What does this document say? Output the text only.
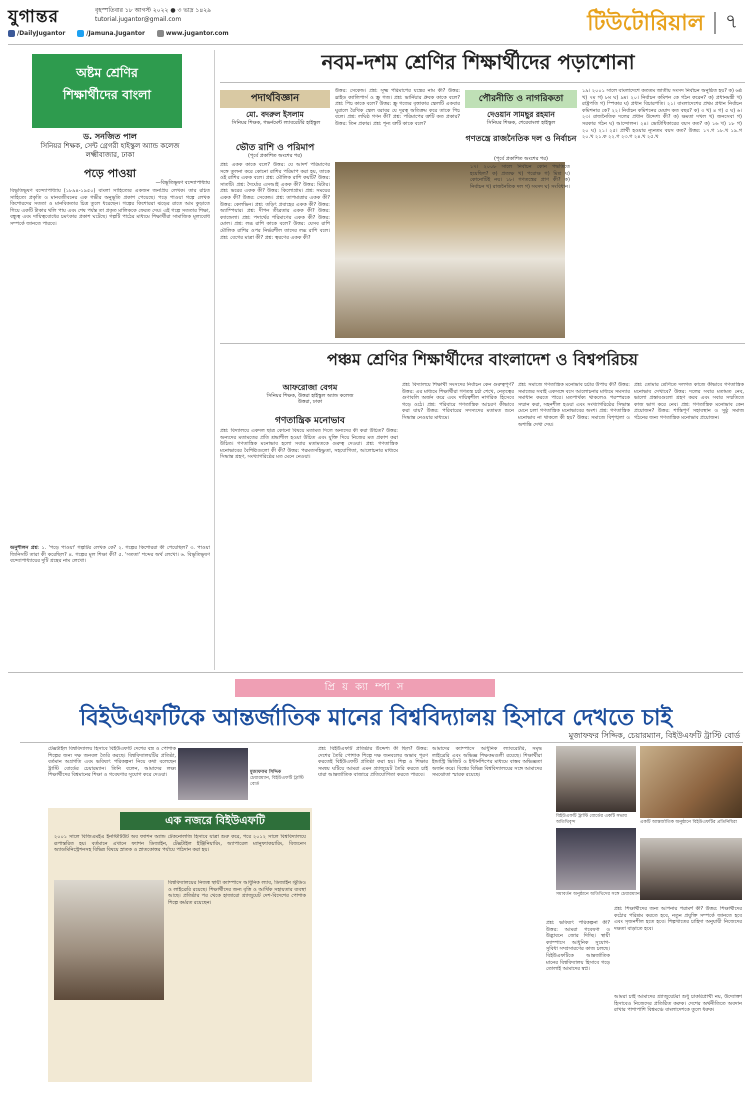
যুগান্তর	বৃহস্পতিবার ১৮ আগস্ট ২০২২ ● ৩ ভাদ্র ১৪২৯
tutorial.jugantor@gmail.com
/DailyJugantor	/Jamuna.Jugantor	www.jugantor.com	টিউটোরিয়াল ৭
অষ্টম শ্রেণির
শিক্ষার্থীদের বাংলা
ড. সনজিত পাল
সিনিয়র শিক্ষক, সেন্ট গ্রেগরী হাইস্কুল অ্যান্ড কলেজ
লক্ষ্মীবাজার, ঢাকা
পড়ে পাওয়া
—বিভূতিভূষণ বন্দ্যোপাধ্যায়
বিভূতিভূষণ বন্দ্যোপাধ্যায় (১৮৯৪-১৯৫০) বাংলা সাহিত্যের একজন জনপ্রিয় লেখক। তার রচিত সাহিত্যে প্রকৃতি ও মানবজীবনের এক গভীর অনুভূতি প্রকাশ পেয়েছে। পড়ে পাওয়া গল্পে লেখক কিশোরদের সততা ও মানবিকতার চিত্র তুলে ধরেছেন। গল্পের কিশোররা ঝড়ের রাতে আম কুড়াতে গিয়ে একটি টাকার থলি পায় এবং শেষ পর্যন্ত তা প্রকৃত মালিককে ফেরত দেয়। এই গল্পে সততার শিক্ষা, বন্ধুত্ব এবং দায়িত্ববোধের চমৎকার প্রকাশ ঘটেছে। গল্পটি পাঠের মাধ্যমে শিক্ষার্থীরা সামাজিক মূল্যবোধ সম্পর্কে জানতে পারবে।
অনুশীলন প্রশ্ন: ১. 'পড়ে পাওয়া' গল্পটির লেখক কে? ২. গল্পের কিশোররা কী পেয়েছিল? ৩. পাওয়া জিনিসটি তারা কী করেছিল? ৪. গল্পের মূল শিক্ষা কী? ৫. 'সততা' শব্দের অর্থ লেখো। ৬. বিভূতিভূষণ বন্দ্যোপাধ্যায়ের দুটি গ্রন্থের নাম লেখো।
নবম-দশম শ্রেণির শিক্ষার্থীদের পড়াশোনা
পদার্থবিজ্ঞান
মো. বদরুল ইসলাম
সিনিয়র শিক্ষক, গভর্নমেন্ট ল্যাবরেটরি হাইস্কুল
ভৌত রাশি ও পরিমাপ
(পূর্বে প্রকাশিত অংশের পর)
প্রশ্ন: একক কাকে বলে? উত্তর: যে আদর্শ পরিমাণের সঙ্গে তুলনা করে কোনো রাশির পরিমাপ করা হয়, তাকে ওই রাশির একক বলে। প্রশ্ন: মৌলিক রাশি কয়টি? উত্তর: সাতটি। প্রশ্ন: দৈর্ঘ্যের এসআই একক কী? উত্তর: মিটার। প্রশ্ন: ভরের একক কী? উত্তর: কিলোগ্রাম। প্রশ্ন: সময়ের একক কী? উত্তর: সেকেন্ড। প্রশ্ন: তাপমাত্রার একক কী? উত্তর: কেলভিন। প্রশ্ন: তড়িৎ প্রবাহের একক কী? উত্তর: অ্যাম্পিয়ার। প্রশ্ন: দীপন তীব্রতার একক কী? উত্তর: ক্যান্ডেলা। প্রশ্ন: পদার্থের পরিমাণের একক কী? উত্তর: মোল। প্রশ্ন: লব্ধ রাশি কাকে বলে? উত্তর: যেসব রাশি মৌলিক রাশির ওপর নির্ভরশীল তাদের লব্ধ রাশি বলে। প্রশ্ন: বেগের মাত্রা কী? প্রশ্ন: ত্বরণের একক কী?
উত্তর: সেকেন্ড। প্রশ্ন: সূক্ষ্ম পরিমাপের যন্ত্রের নাম কী? উত্তর: স্লাইড ক্যালিপার্স ও স্ক্রু গজ। প্রশ্ন: ভার্নিয়ার ধ্রুবক কাকে বলে? প্রশ্ন: পিচ কাকে বলে? উত্তর: স্ক্রু গজের বৃত্তাকার স্কেলটি একবার ঘুরালে রৈখিক স্কেল বরাবর যে দূরত্ব অতিক্রম করে তাকে পিচ বলে। প্রশ্ন: লঘিষ্ঠ গণন কী? প্রশ্ন: পরিমাপের ত্রুটি কত প্রকার? উত্তর: তিন প্রকার। প্রশ্ন: শূন্য ত্রুটি কাকে বলে?
পৌরনীতি ও নাগরিকতা
দেওয়ান সামছুর রহমান
সিনিয়র শিক্ষক, শেরেবাংলা হাইস্কুল
গণতন্ত্রে রাজনৈতিক দল ও নির্বাচন
(পূর্বে প্রকাশিত অংশের পর)
১৭। ২০০৮ সালে নির্বাচন কোন পদ্ধতিতে হয়েছিল? ক) প্রত্যক্ষ খ) পরোক্ষ গ) মিশ্র ঘ) কোনোটিই নয়। ১৮। গণতন্ত্রের প্রাণ কী? ক) নির্বাচন খ) রাজনৈতিক দল গ) সংসদ ঘ) সংবিধান।
১৯। ২০০১ সালে বাংলাদেশে কততম জাতীয় সংসদ নির্বাচন অনুষ্ঠিত হয়? ক) ৬ষ্ঠ খ) ৭ম গ) ৮ম ঘ) ৯ম। ২০। নির্বাচন কমিশন কে গঠন করেন? ক) প্রধানমন্ত্রী খ) রাষ্ট্রপতি গ) স্পিকার ঘ) প্রধান বিচারপতি। ২১। বাংলাদেশের প্রথম প্রধান নির্বাচন কমিশনার কে? ২২। নির্বাচন কমিশনের মেয়াদ কত বছর? ক) ৩ খ) ৪ গ) ৫ ঘ) ৬। ২৩। রাজনৈতিক দলের প্রধান উদ্দেশ্য কী? ক) ক্ষমতা দখল খ) জনসেবা গ) সরকার গঠন ঘ) আন্দোলন। ২৪। ভোটাধিকারের বয়স কত? ক) ১৬ খ) ১৮ গ) ২০ ঘ) ২১। ২৫। প্রার্থী হওয়ার ন্যূনতম বয়স কত? উত্তর: ১৭.গ ১৮.খ ১৯.গ ২০.খ ২১.ক ২২.গ ২৩.গ ২৪.খ ২৫.খ
পঞ্চম শ্রেণির শিক্ষার্থীদের বাংলাদেশ ও বিশ্বপরিচয়
আফরোজা বেগম
সিনিয়র শিক্ষক, উত্তরা হাইস্কুল অ্যান্ড কলেজ
উত্তরা, ঢাকা
গণতান্ত্রিক মনোভাব
প্রশ্ন: বিদ্যালয়ে একদল ছাত্র কোনো বিষয়ে মতামত দিলে অন্যদের কী করা উচিত? উত্তর: অন্যদের মতামতের প্রতি শ্রদ্ধাশীল হওয়া উচিত এবং যুক্তি দিয়ে নিজের মত প্রকাশ করা উচিত। গণতান্ত্রিক মনোভাব হলো সবার মতামতকে গুরুত্ব দেওয়া। প্রশ্ন: গণতান্ত্রিক মনোভাবের বৈশিষ্ট্যগুলো কী কী? উত্তর: পরমতসহিষ্ণুতা, সহযোগিতা, আলোচনার মাধ্যমে সিদ্ধান্ত গ্রহণ, সংখ্যাগরিষ্ঠের মত মেনে নেওয়া।
প্রশ্ন: বিদ্যালয়ে শিক্ষার্থী সংসদের নির্বাচন কেন গুরুত্বপূর্ণ? উত্তর: এর মাধ্যমে শিক্ষার্থীরা গণতন্ত্র চর্চা শেখে, নেতৃত্বের গুণাবলি অর্জন করে এবং দায়িত্বশীল নাগরিক হিসেবে গড়ে ওঠে। প্রশ্ন: পরিবারে গণতান্ত্রিক আচরণ কীভাবে করা যায়? উত্তর: পরিবারের সদস্যদের মতামত শুনে সিদ্ধান্ত নেওয়ার মাধ্যমে।
প্রশ্ন: সমাজে গণতান্ত্রিক মনোভাব চর্চার উপায় কী? উত্তর: সমাজের সবাই একসঙ্গে বসে আলোচনার মাধ্যমে সমস্যার সমাধান করতে পারে। মতপার্থক্য থাকলেও পরস্পরকে সম্মান করা, সহনশীল হওয়া এবং সংখ্যাগরিষ্ঠের সিদ্ধান্ত মেনে চলা গণতান্ত্রিক মনোভাবের অংশ। প্রশ্ন: গণতান্ত্রিক মনোভাব না থাকলে কী হয়? উত্তর: সমাজে বিশৃঙ্খলা ও অশান্তি দেখা দেয়।
প্রশ্ন: তোমার শ্রেণিতে দলগত কাজে কীভাবে গণতান্ত্রিক মনোভাব দেখাবে? উত্তর: দলের সবার মতামত নেব, ভালো প্রস্তাবগুলো গ্রহণ করব এবং সবার সম্মতিতে কাজ ভাগ করে নেব। প্রশ্ন: গণতান্ত্রিক মনোভাব কেন প্রয়োজন? উত্তর: শান্তিপূর্ণ সহাবস্থান ও সুষ্ঠু সমাজ গঠনের জন্য গণতান্ত্রিক মনোভাব প্রয়োজন।
প্রি য় ক্যা ম্পা স
বিইউএফটিকে আন্তর্জাতিক মানের বিশ্ববিদ্যালয় হিসাবে দেখতে চাই
মুজাফফর সিদ্দিক, চেয়ারম্যান, বিইউএফটি ট্রাস্টি বোর্ড
টেক্সটাইল বিশ্ববিদ্যালয় হিসাবে বিইউএফটি দেশের বস্ত্র ও পোশাক শিল্পের জন্য দক্ষ জনবল তৈরি করছে। বিশ্ববিদ্যালয়টির প্রতিষ্ঠা, বর্তমান অগ্রগতি এবং ভবিষ্যৎ পরিকল্পনা নিয়ে কথা বলেছেন ট্রাস্টি বোর্ডের চেয়ারম্যান। তিনি বলেন, আমাদের লক্ষ্য শিক্ষার্থীদের বিশ্বমানের শিক্ষা ও গবেষণার সুযোগ করে দেওয়া।	মুজাফফর সিদ্দিক
চেয়ারম্যান, বিইউএফটি ট্রাস্টি বোর্ড
এক নজরে বিইউএফটি
২০০১ সালে বিজিএমইএ ইনস্টিটিউট অব ফ্যাশন অ্যান্ড টেকনোলজি হিসাবে যাত্রা শুরু করে, পরে ২০১২ সালে বিশ্ববিদ্যালয়ে রূপান্তরিত হয়। বর্তমানে এখানে ফ্যাশন ডিজাইন, টেক্সটাইল ইঞ্জিনিয়ারিং, অ্যাপারেল ম্যানুফ্যাকচারিং, বিজনেস অ্যাডমিনিস্ট্রেশনসহ বিভিন্ন বিষয়ে স্নাতক ও স্নাতকোত্তর পর্যায়ে পাঠদান করা হয়।
বিশ্ববিদ্যালয়ের নিজস্ব স্থায়ী ক্যাম্পাসে আধুনিক ল্যাব, ডিজাইন স্টুডিও ও লাইব্রেরি রয়েছে। শিক্ষার্থীদের জন্য বৃত্তি ও আর্থিক সহায়তার ব্যবস্থা আছে। প্রতিষ্ঠার পর থেকে হাজারো গ্র্যাজুয়েট দেশ-বিদেশের পোশাক শিল্পে কর্মরত রয়েছেন।
প্রশ্ন: বিইউএফটি প্রতিষ্ঠার উদ্দেশ্য কী ছিল? উত্তর: দেশের তৈরি পোশাক শিল্পে দক্ষ জনবলের অভাব পূরণ করতেই বিইউএফটি প্রতিষ্ঠা করা হয়। শিল্প ও শিক্ষার সমন্বয় ঘটিয়ে আমরা এমন গ্র্যাজুয়েট তৈরি করতে চাই যারা আন্তর্জাতিক বাজারে প্রতিযোগিতা করতে পারবে।
আমাদের ক্যাম্পাসে আধুনিক ল্যাবরেটরি, সমৃদ্ধ লাইব্রেরি এবং অভিজ্ঞ শিক্ষকমণ্ডলী রয়েছে। শিক্ষার্থীরা ইন্ডাস্ট্রি ভিজিট ও ইন্টার্নশিপের মাধ্যমে বাস্তব অভিজ্ঞতা অর্জন করে। বিশ্বের বিভিন্ন বিশ্ববিদ্যালয়ের সঙ্গে আমাদের সমঝোতা স্মারক রয়েছে।
প্রশ্ন: ভবিষ্যৎ পরিকল্পনা কী? উত্তর: আমরা গবেষণা ও উদ্ভাবনে জোর দিচ্ছি। স্থায়ী ক্যাম্পাসে আধুনিক সুযোগ-সুবিধা সম্প্রসারণের কাজ চলছে। বিইউএফটিকে আন্তর্জাতিক মানের বিশ্ববিদ্যালয় হিসাবে গড়ে তোলাই আমাদের স্বপ্ন।
বিইউএফটি ট্রাস্টি বোর্ডের একটি সভায় অতিথিবৃন্দ	একটি আন্তর্জাতিক অনুষ্ঠানে বিইউএফটির প্রতিনিধিরা
সমাবর্তন অনুষ্ঠানে অতিথিদের সঙ্গে চেয়ারম্যান
প্রশ্ন: শিক্ষার্থীদের জন্য আপনার পরামর্শ কী? উত্তর: শিক্ষার্থীদের কঠোর পরিশ্রম করতে হবে, নতুন প্রযুক্তি সম্পর্কে জানতে হবে এবং সৃজনশীল হতে হবে। শিল্পখাতের চাহিদা অনুযায়ী নিজেদের দক্ষতা বাড়াতে হবে।
আমরা চাই আমাদের গ্র্যাজুয়েটরা শুধু চাকরিপ্রার্থী নয়, উদ্যোক্তা হিসাবেও নিজেদের প্রতিষ্ঠিত করুক। দেশের অর্থনীতিতে অবদান রাখার পাশাপাশি বিশ্বমঞ্চে বাংলাদেশকে তুলে ধরুক।
